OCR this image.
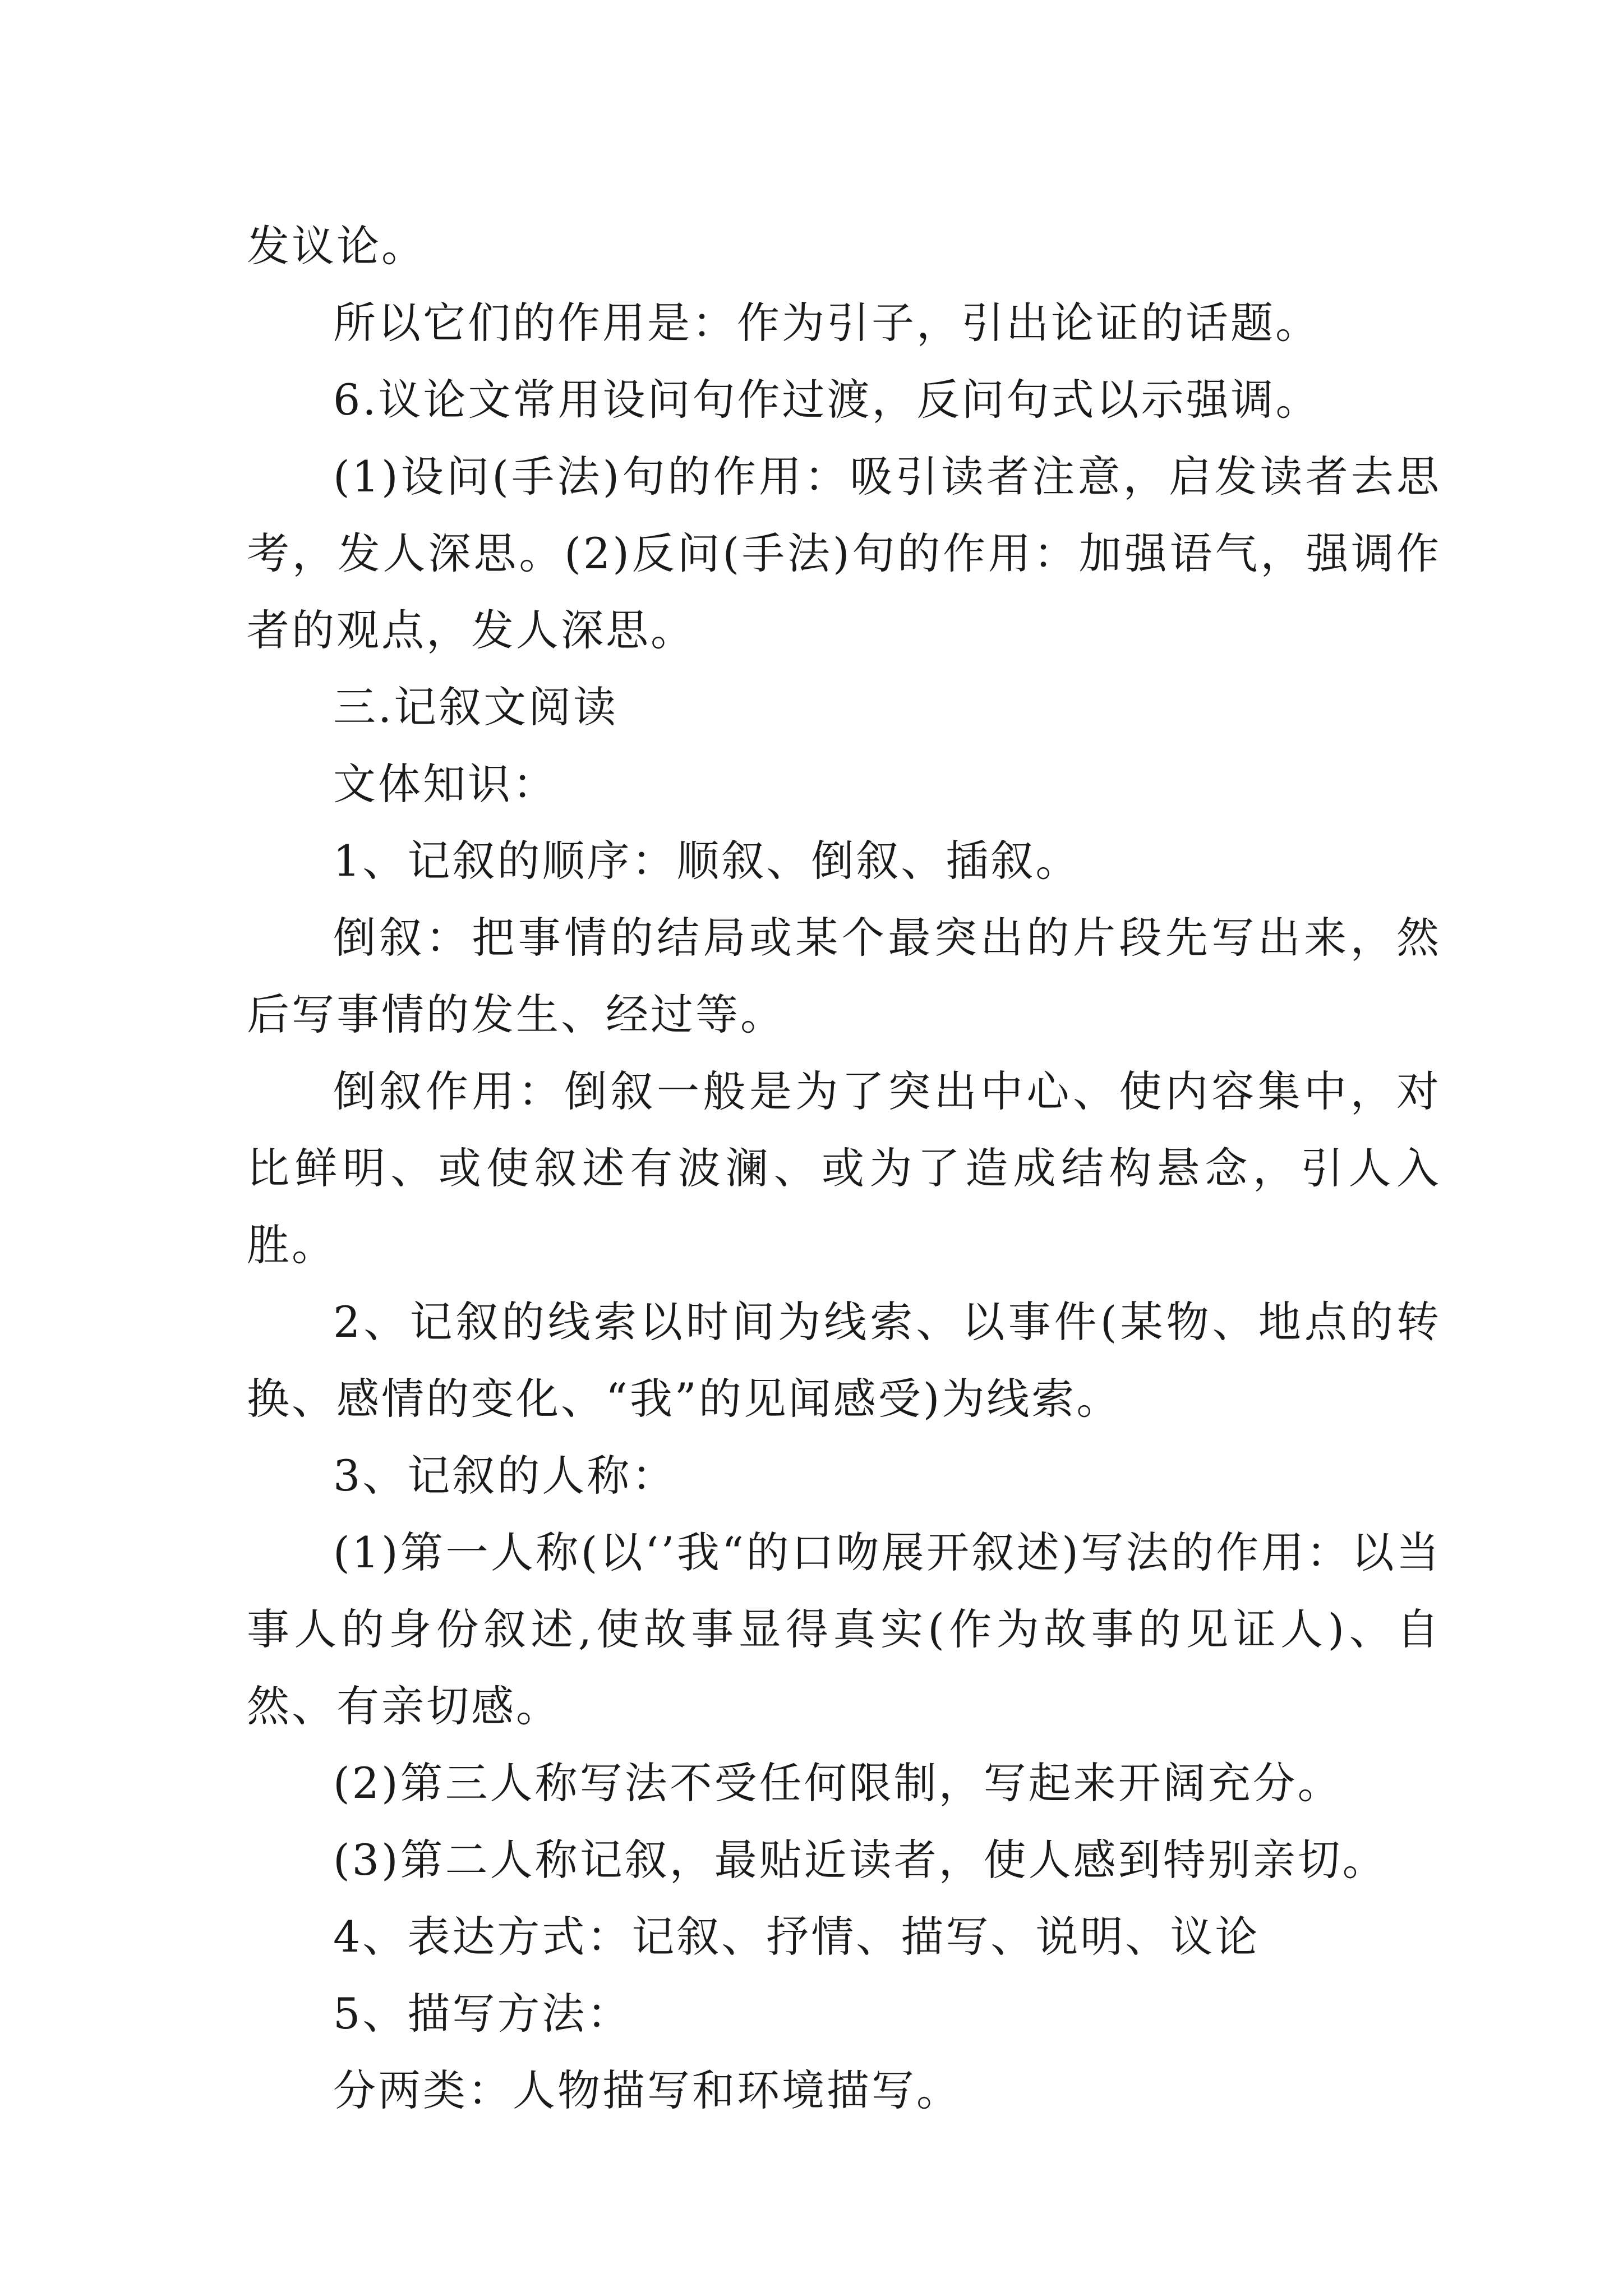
发议论。

所以它们的作用是：作为引子，引出论证的话题。

6.议论文常用设问句作过渡，反问句式以示强调。

(1)设问(手法)句的作用：吸引读者注意，启发读者去思考，发人深思。(2)反问(手法)句的作用：加强语气，强调作者的观点，发人深思。

三.记叙文阅读

文体知识：

1、记叙的顺序：顺叙、倒叙、插叙。

倒叙：把事情的结局或某个最突出的片段先写出来，然后写事情的发生、经过等。

倒叙作用：倒叙一般是为了突出中心、使内容集中，对比鲜明、或使叙述有波澜、或为了造成结构悬念，引人入胜。

2、记叙的线索以时间为线索、以事件(某物、地点的转换、感情的变化、“我”的见闻感受)为线索。

3、记叙的人称：

(1)第一人称(以‘’我“的口吻展开叙述)写法的作用：以当事人的身份叙述,使故事显得真实(作为故事的见证人)、自然、有亲切感。

(2)第三人称写法不受任何限制，写起来开阔充分。

(3)第二人称记叙，最贴近读者，使人感到特别亲切。

4、表达方式：记叙、抒情、描写、说明、议论

5、描写方法：

分两类：人物描写和环境描写。
